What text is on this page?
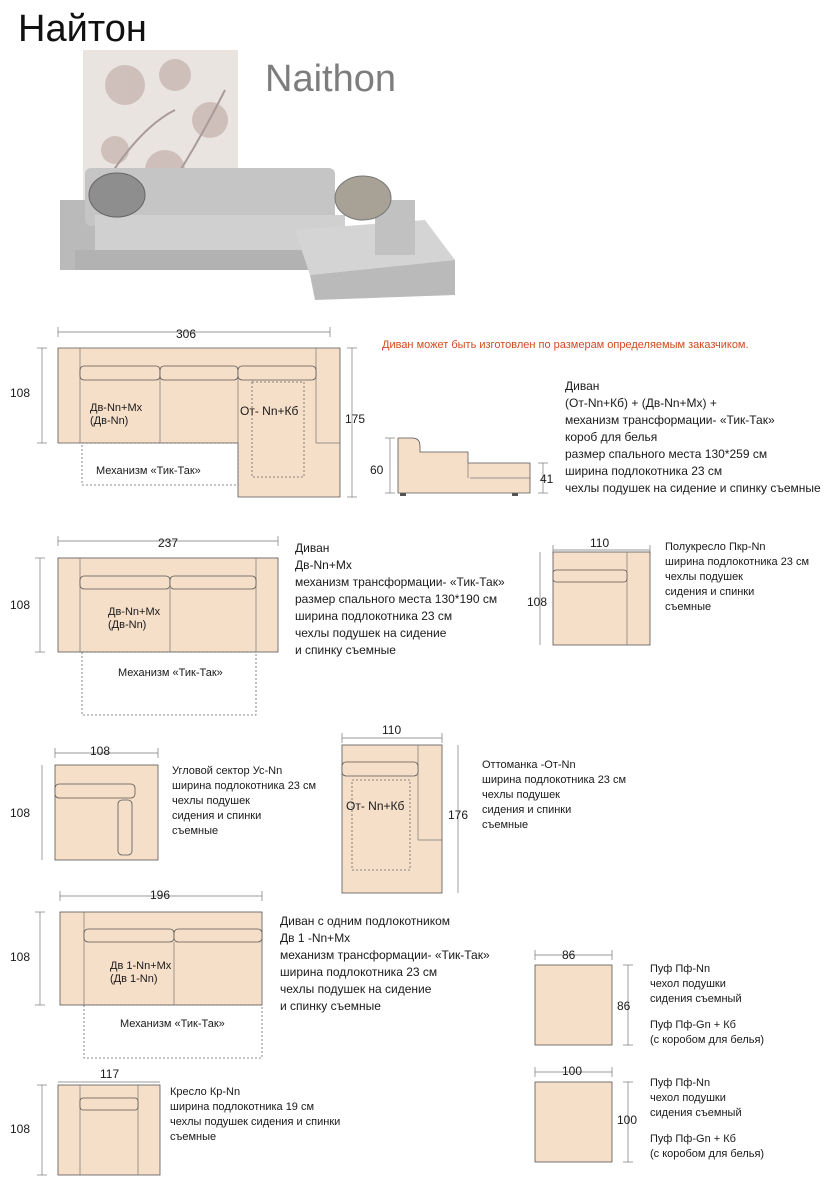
Найтон
Naithon
306
108
175
60
41
Дв-Nn+Мх
(Дв-Nn)
От- Nn+Кб
Механизм «Тик-Так»
Диван может быть изготовлен по размерам определяемым заказчиком.
Диван
(От-Nn+Кб) + (Дв-Nn+Мх) +
механизм трансформации- «Тик-Так»
короб для белья
размер спального места 130*259 см
ширина подлокотника 23 см
чехлы подушек на сидение и спинку съемные
237
108	Дв-Nn+Мх
(Дв-Nn)
Механизм «Тик-Так»
Диван
Дв-Nn+Мх
механизм трансформации- «Тик-Так»
размер спального места 130*190 см
ширина подлокотника 23 см
чехлы подушек на сидение
и спинку съемные
110
108
Полукресло Пкр-Nn
ширина подлокотника 23 см
чехлы подушек
сидения и спинки
съемные
108
108
Угловой сектор Ус-Nn
ширина подлокотника 23 см
чехлы подушек
сидения и спинки
съемные
110
176
От- Nn+Кб
Оттоманка -От-Nn
ширина подлокотника 23 см
чехлы подушек
сидения и спинки
съемные
196
108
Дв 1-Nn+Мх
(Дв 1-Nn)
Механизм «Тик-Так»
Диван с одним подлокотником
Дв 1 -Nn+Мх
механизм трансформации- «Тик-Так»
ширина подлокотника 23 см
чехлы подушек на сидение
и спинку съемные
117
108
Кресло Кр-Nn
ширина подлокотника 19 см
чехлы подушек сидения и спинки
съемные
86
86
Пуф Пф-Nn
чехол подушки
сидения съемный
Пуф Пф-Gn + Кб
(с коробом для белья)
100
100
Пуф Пф-Nn
чехол подушки
сидения съемный
Пуф Пф-Gn + Кб
(с коробом для белья)
